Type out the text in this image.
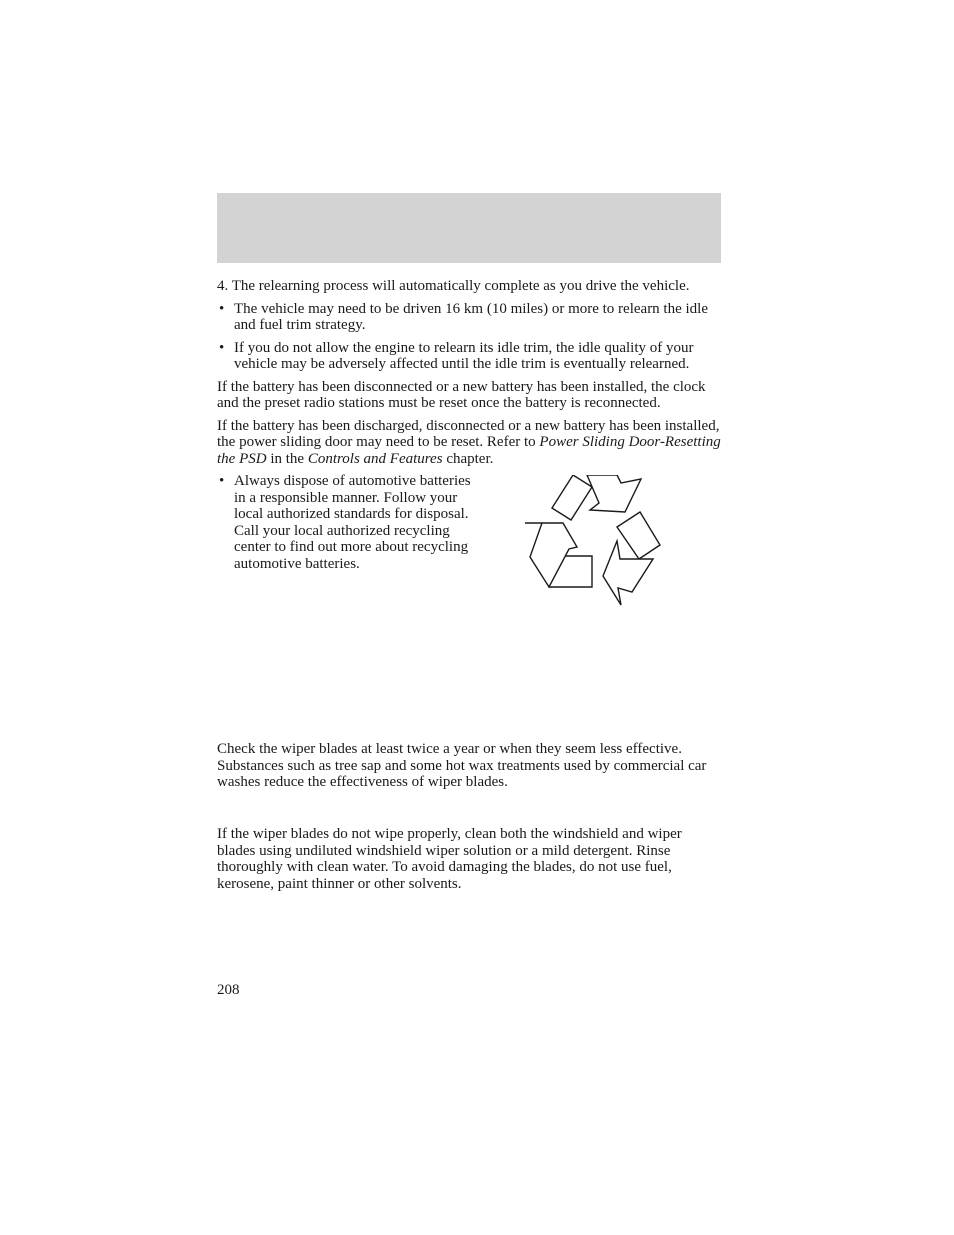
4. The relearning process will automatically complete as you drive the vehicle.

• The vehicle may need to be driven 16 km (10 miles) or more to relearn the idle and fuel trim strategy.
• If you do not allow the engine to relearn its idle trim, the idle quality of your vehicle may be adversely affected until the idle trim is eventually relearned.

If the battery has been disconnected or a new battery has been installed, the clock and the preset radio stations must be reset once the battery is reconnected.

If the battery has been discharged, disconnected or a new battery has been installed, the power sliding door may need to be reset. Refer to Power Sliding Door-Resetting the PSD in the Controls and Features chapter.

• Always dispose of automotive batteries in a responsible manner. Follow your local authorized standards for disposal. Call your local authorized recycling center to find out more about recycling automotive batteries.

Check the wiper blades at least twice a year or when they seem less effective. Substances such as tree sap and some hot wax treatments used by commercial car washes reduce the effectiveness of wiper blades.

If the wiper blades do not wipe properly, clean both the windshield and wiper blades using undiluted windshield wiper solution or a mild detergent. Rinse thoroughly with clean water. To avoid damaging the blades, do not use fuel, kerosene, paint thinner or other solvents.

208
